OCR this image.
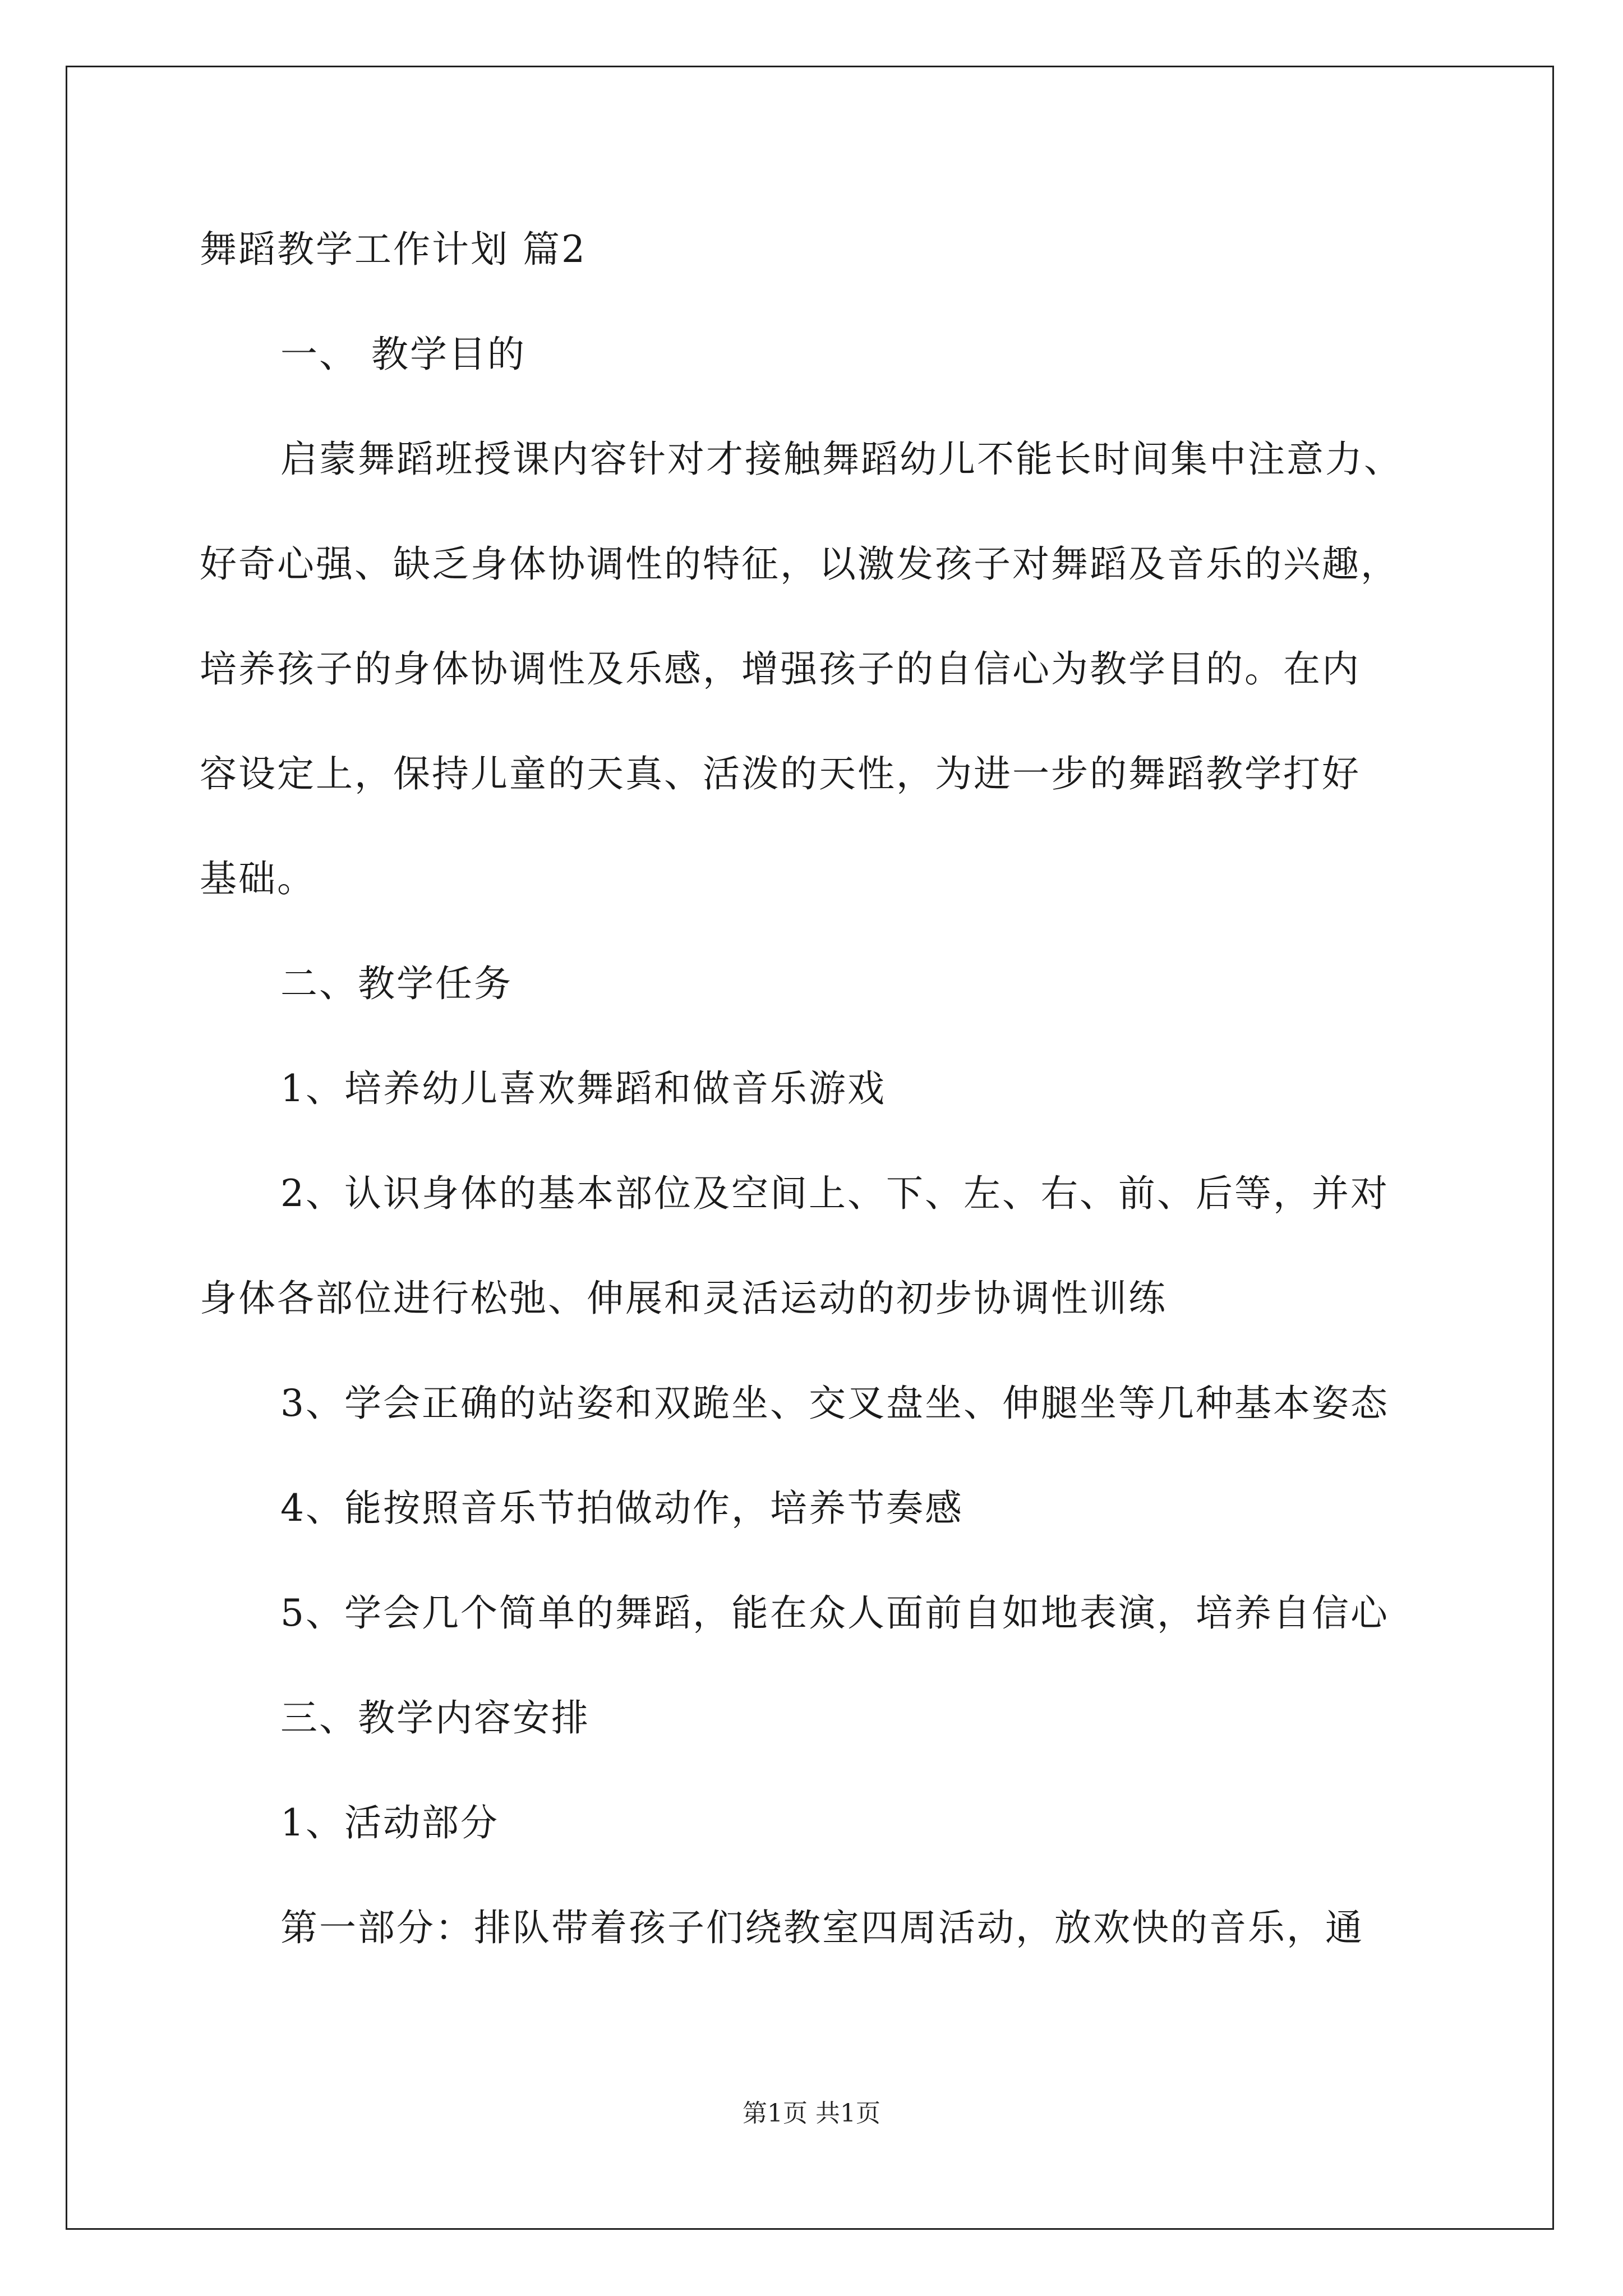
舞蹈教学工作计划 篇2
一、 教学目的
启蒙舞蹈班授课内容针对才接触舞蹈幼儿不能长时间集中注意力、
好奇心强、缺乏身体协调性的特征，以激发孩子对舞蹈及音乐的兴趣，
培养孩子的身体协调性及乐感，增强孩子的自信心为教学目的。在内
容设定上，保持儿童的天真、活泼的天性，为进一步的舞蹈教学打好
基础。
二、教学任务
1、培养幼儿喜欢舞蹈和做音乐游戏
2、认识身体的基本部位及空间上、下、左、右、前、后等，并对
身体各部位进行松弛、伸展和灵活运动的初步协调性训练
3、学会正确的站姿和双跪坐、交叉盘坐、伸腿坐等几种基本姿态
4、能按照音乐节拍做动作，培养节奏感
5、学会几个简单的舞蹈，能在众人面前自如地表演，培养自信心
三、教学内容安排
1、活动部分
第一部分：排队带着孩子们绕教室四周活动，放欢快的音乐，通
第1页 共1页
